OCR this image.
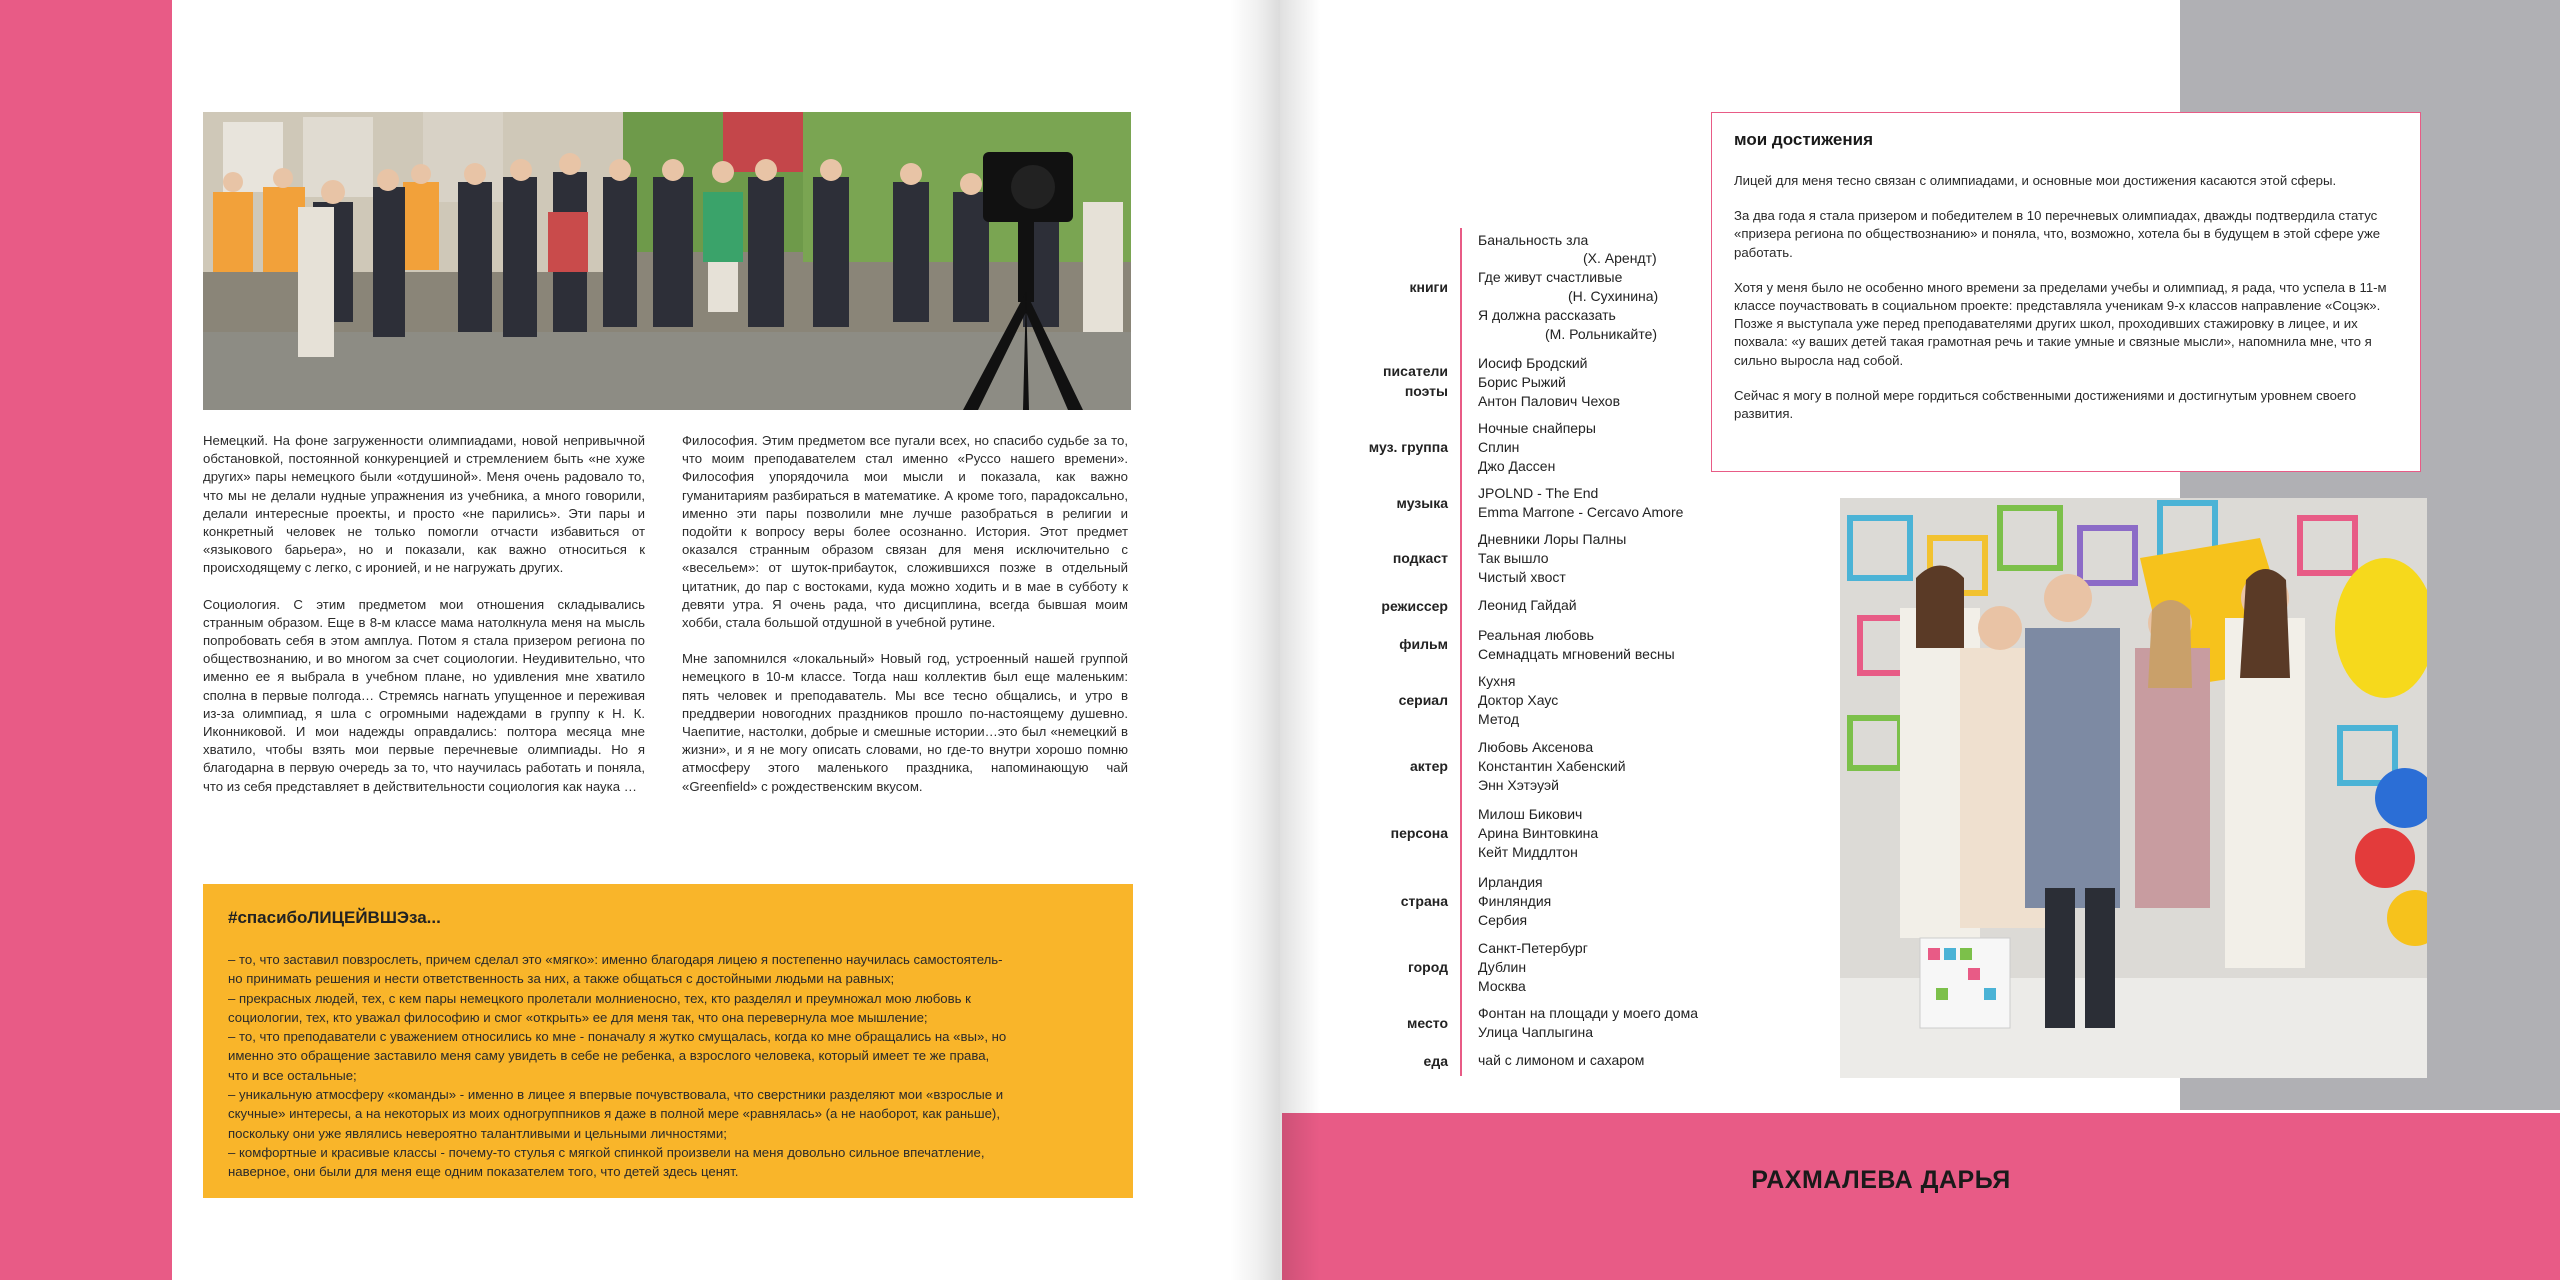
Немецкий. На фоне загруженности олимпиадами, новой непривычной обстановкой, постоянной конкуренцией и стремлением быть «не хуже других» пары немецкого были «отдушиной». Меня очень радовало то, что мы не делали нудные упражнения из учебника, а много говорили, делали интересные проекты, и просто «не парились». Эти пары и конкретный человек не только помогли отчасти избавиться от «языкового барьера», но и показали, как важно относиться к происходящему с легко, с иронией, и не нагружать других.

Социология. С этим предметом мои отношения складывались странным образом. Еще в 8-м классе мама натолкнула меня на мысль попробовать себя в этом амплуа. Потом я стала призером региона по обществознанию, и во многом за счет социологии. Неудивительно, что именно ее я выбрала в учебном плане, но удивления мне хватило сполна в первые полгода… Стремясь нагнать упущенное и переживая из-за олимпиад, я шла с огромными надеждами в группу к Н. К. Иконниковой. И мои надежды оправдались: полтора месяца мне хватило, чтобы взять мои первые перечневые олимпиады. Но я благодарна в первую очередь за то, что научилась работать и поняла, что из себя представляет в действительности социология как наука …

Философия. Этим предметом все пугали всех, но спасибо судьбе за то, что моим преподавателем стал именно «Руссо нашего времени». Философия упорядочила мои мысли и показала, как важно гуманитариям разбираться в математике. А кроме того, парадоксально, именно эти пары позволили мне лучше разобраться в религии и подойти к вопросу веры более осознанно. История. Этот предмет оказался странным образом связан для меня исключительно с «весельем»: от шуток-прибауток, сложившихся позже в отдельный цитатник, до пар с востоками, куда можно ходить и в мае в субботу к девяти утра. Я очень рада, что дисциплина, всегда бывшая моим хобби, стала большой отдушной в учебной рутине.

Мне запомнился «локальный» Новый год, устроенный нашей группой немецкого в 10-м классе. Тогда наш коллектив был еще маленьким: пять человек и преподаватель. Мы все тесно общались, и утро в преддверии новогодних праздников прошло по-настоящему душевно. Чаепитие, настолки, добрые и смешные истории…это был «немецкий в жизни», и я не могу описать словами, но где-то внутри хорошо помню атмосферу этого маленького праздника, напоминающую чай «Greenfield» с рождественским вкусом.

#спасибоЛИЦЕЙВШЭза...
– то, что заставил повзрослеть, причем сделал это «мягко»: именно благодаря лицею я постепенно научилась самостоятель-
но принимать решения и нести ответственность за них, а также общаться с достойными людьми на равных;
– прекрасных людей, тех, с кем пары немецкого пролетали молниеносно, тех, кто разделял и преумножал мою любовь к
социологии, тех, кто уважал философию и смог «открыть» ее для меня так, что она перевернула мое мышление;
– то, что преподаватели с уважением относились ко мне - поначалу я жутко смущалась, когда ко мне обращались на «вы», но
именно это обращение заставило меня саму увидеть в себе не ребенка, а взрослого человека, который имеет те же права,
что и все остальные;
– уникальную атмосферу «команды» - именно в лицее я впервые почувствовала, что сверстники разделяют мои «взрослые и
скучные» интересы, а на некоторых из моих одногруппников я даже в полной мере «равнялась» (а не наоборот, как раньше),
поскольку они уже являлись невероятно талантливыми и цельными личностями;
– комфортные и красивые классы - почему-то стулья с мягкой спинкой произвели на меня довольно сильное впечатление,
наверное, они были для меня еще одним показателем того, что детей здесь ценят.
мои достижения

Лицей для меня тесно связан с олимпиадами, и основные мои достижения касаются этой сферы.

За два года я стала призером и победителем в 10 перечневых олимпиадах, дважды подтвердила статус «призера региона по обществознанию» и поняла, что, возможно, хотела бы в будущем в этой сфере уже работать.

Хотя у меня было не особенно много времени за пределами учебы и олимпиад, я рада, что успела в 11-м классе поучаствовать в социальном проекте: представляла ученикам 9-х классов направление «Соцэк». Позже я выступала уже перед преподавателями других школ, проходивших стажировку в лицее, и их похвала: «у ваших детей такая грамотная речь и такие умные и связные мысли», напомнила мне, что я сильно выросла над собой.

Сейчас я могу в полной мере гордиться собственными достижениями и достигнутым уровнем своего развития.

книги
Банальность зла
(Х. Арендт)
Где живут счастливые
(Н. Сухинина)
Я должна рассказать
(М. Рольникайте)
писатели
поэты
Иосиф Бродский
Борис Рыжий
Антон Палович Чехов
муз. группа
Ночные снайперы
Сплин
Джо Дассен
музыка
JPOLND - The End
Emma Marrone - Cercavo Amore
подкаст
Дневники Лоры Палны
Так вышло
Чистый хвост
режиссер Леонид Гайдай
фильм
Реальная любовь
Семнадцать мгновений весны
сериал
Кухня
Доктор Хаус
Метод
актер
Любовь Аксенова
Константин Хабенский
Энн Хэтэуэй
персона
Милош Бикович
Арина Винтовкина
Кейт Миддлтон
страна
Ирландия
Финляндия
Сербия
город
Санкт-Петербург
Дублин
Москва
место
Фонтан на площади у моего дома
Улица Чаплыгина
еда чай с лимоном и сахаром
РАХМАЛЕВА ДАРЬЯ
